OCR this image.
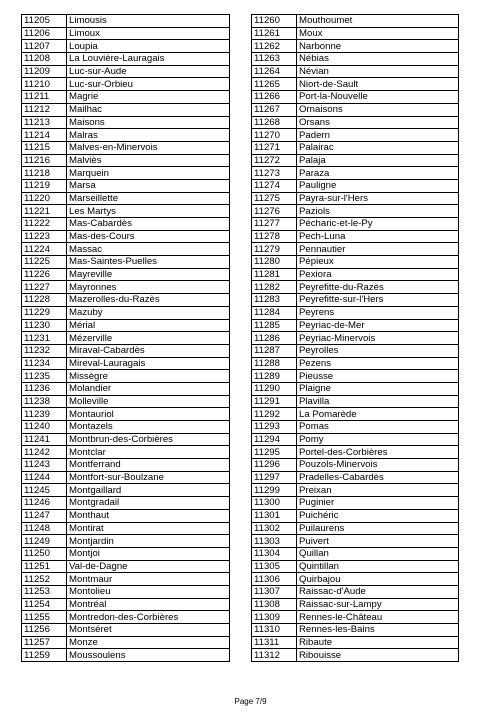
11205	Limousis
11206	Limoux
11207	Loupia
11208	La Louvière-Lauragais
11209	Luc-sur-Aude
11210	Luc-sur-Orbieu
11211	Magrie
11212	Mailhac
11213	Maisons
11214	Malras
11215	Malves-en-Minervois
11216	Malviès
11218	Marquein
11219	Marsa
11220	Marseillette
11221	Les Martys
11222	Mas-Cabardès
11223	Mas-des-Cours
11224	Massac
11225	Mas-Saintes-Puelles
11226	Mayreville
11227	Mayronnes
11228	Mazerolles-du-Razès
11229	Mazuby
11230	Mérial
11231	Mézerville
11232	Miraval-Cabardès
11234	Mireval-Lauragais
11235	Missègre
11236	Molandier
11238	Molleville
11239	Montauriol
11240	Montazels
11241	Montbrun-des-Corbières
11242	Montclar
11243	Montferrand
11244	Montfort-sur-Boulzane
11245	Montgaillard
11246	Montgradail
11247	Monthaut
11248	Montirat
11249	Montjardin
11250	Montjoi
11251	Val-de-Dagne
11252	Montmaur
11253	Montolieu
11254	Montréal
11255	Montredon-des-Corbières
11256	Montséret
11257	Monze
11259	Moussoulens
11260	Mouthoumet
11261	Moux
11262	Narbonne
11263	Nébias
11264	Névian
11265	Niort-de-Sault
11266	Port-la-Nouvelle
11267	Ornaisons
11268	Orsans
11270	Padern
11271	Palairac
11272	Palaja
11273	Paraza
11274	Pauligne
11275	Payra-sur-l'Hers
11276	Paziols
11277	Pécharic-et-le-Py
11278	Pech-Luna
11279	Pennautier
11280	Pépieux
11281	Pexiora
11282	Peyrefitte-du-Razès
11283	Peyrefitte-sur-l'Hers
11284	Peyrens
11285	Peyriac-de-Mer
11286	Peyriac-Minervois
11287	Peyrolles
11288	Pezens
11289	Pieusse
11290	Plaigne
11291	Plavilla
11292	La Pomarède
11293	Pomas
11294	Pomy
11295	Portel-des-Corbières
11296	Pouzols-Minervois
11297	Pradelles-Cabardès
11299	Preixan
11300	Puginier
11301	Puichéric
11302	Puilaurens
11303	Puivert
11304	Quillan
11305	Quintillan
11306	Quirbajou
11307	Raissac-d'Aude
11308	Raissac-sur-Lampy
11309	Rennes-le-Château
11310	Rennes-les-Bains
11311	Ribaute
11312	Ribouisse
Page 7/9
